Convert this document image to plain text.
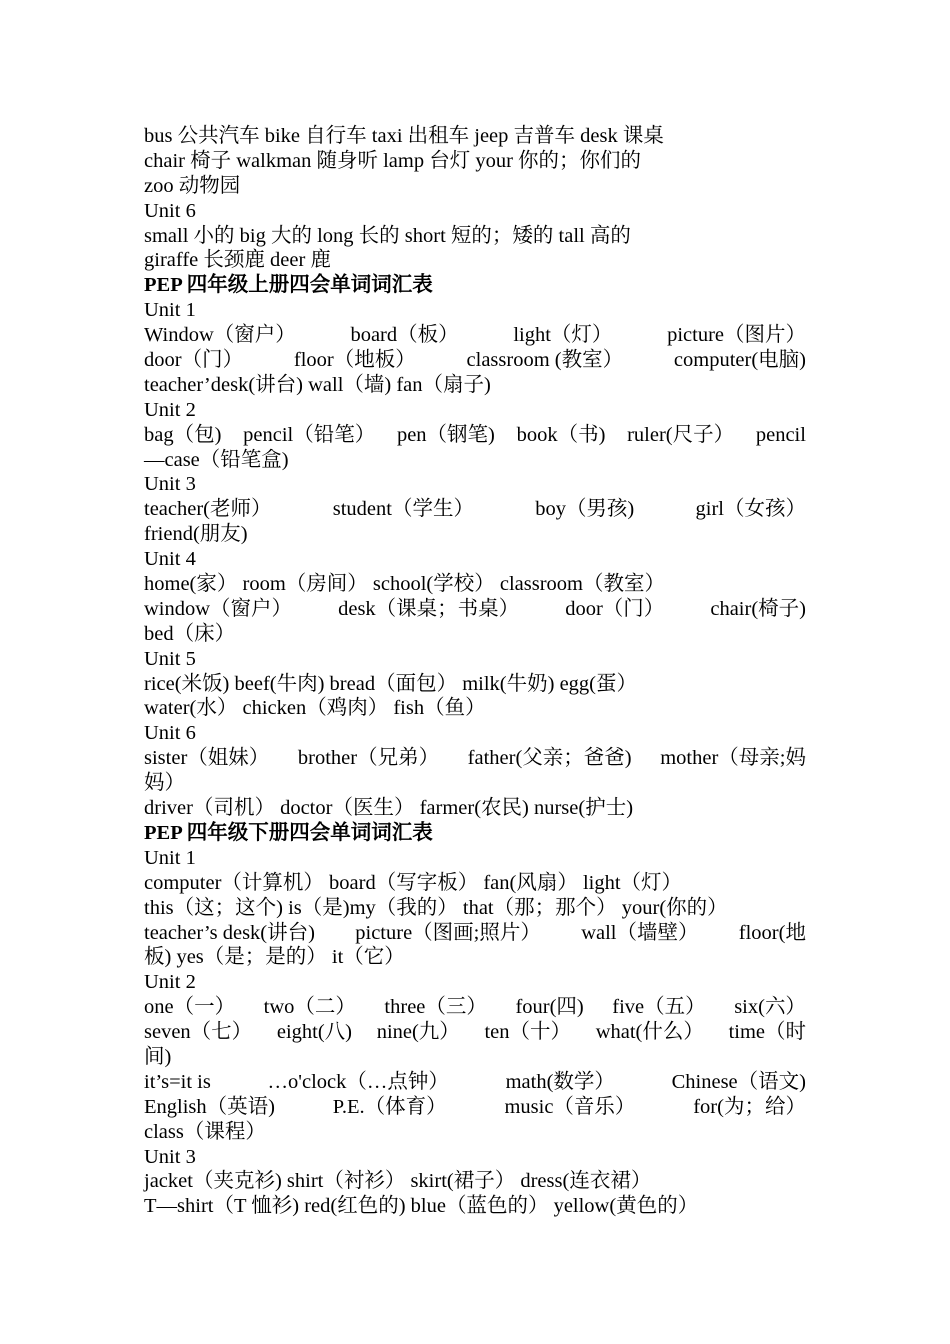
bus 公共汽车 bike 自行车 taxi 出租车 jeep 吉普车 desk 课桌
chair 椅子 walkman 随身听 lamp 台灯 your 你的；你们的
zoo 动物园
Unit 6
small 小的 big 大的 long 长的 short 短的；矮的 tall 高的
giraffe 长颈鹿 deer 鹿
PEP 四年级上册四会单词词汇表
Unit 1
Window（窗户）	board（板）	light（灯）	picture（图片）
door（门） floor（地板） classroom (教室） computer(电脑)
teacher’desk(讲台) wall（墙) fan（扇子)
Unit 2
bag（包) pencil（铅笔） pen（钢笔) book（书) ruler(尺子） pencil
—case（铅笔盒)
Unit 3
teacher(老师）	student（学生）	boy（男孩)	girl（女孩）
friend(朋友)
Unit 4
home(家） room（房间） school(学校） classroom（教室）
window（窗户） desk（课桌；书桌） door（门） chair(椅子)
bed（床）
Unit 5
rice(米饭) beef(牛肉) bread（面包） milk(牛奶) egg(蛋）
water(水） chicken（鸡肉） fish（鱼）
Unit 6
sister（姐妹） brother（兄弟） father(父亲；爸爸) mother（母亲;妈
妈）
driver（司机） doctor（医生） farmer(农民) nurse(护士)
PEP 四年级下册四会单词词汇表
Unit 1
computer（计算机） board（写字板） fan(风扇） light（灯）
this（这；这个) is（是)my（我的） that（那；那个） your(你的）
teacher’s desk(讲台) picture（图画;照片） wall（墙壁） floor(地
板) yes（是；是的） it（它）
Unit 2
one（一） two（二） three（三） four(四) five（五） six(六）
seven（七） eight(八) nine(九） ten（十） what(什么） time（时
间)
it’s=it is	…o'clock（…点钟）	math(数学）	Chinese（语文)
English（英语)	P.E.（体育）	music（音乐）	for(为；给）
class（课程）
Unit 3
jacket（夹克衫) shirt（衬衫） skirt(裙子） dress(连衣裙）
T—shirt（T 恤衫) red(红色的) blue（蓝色的） yellow(黄色的）
